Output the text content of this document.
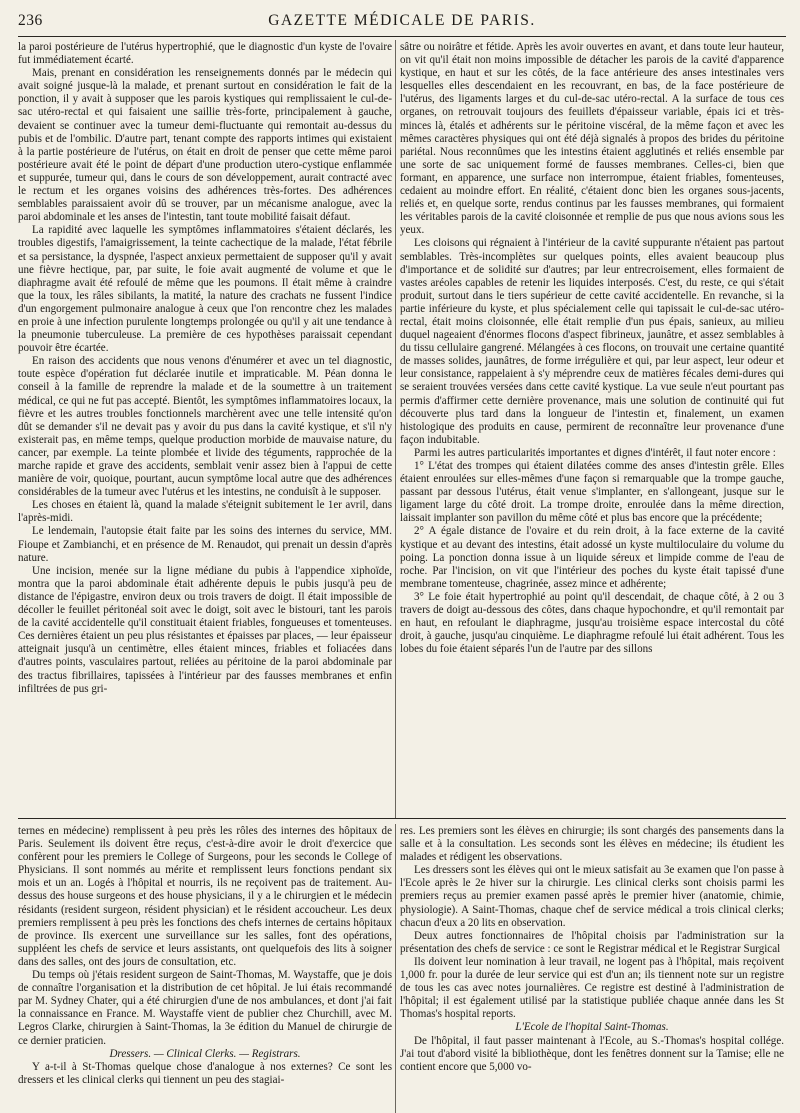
236	GAZETTE MÉDICALE DE PARIS.

la paroi postérieure de l'utérus hypertrophié, que le diagnostic d'un kyste de l'ovaire fut immédiatement écarté.

Mais, prenant en considération les renseignements donnés par le médecin qui avait soigné jusque-là la malade, et prenant surtout en considération le fait de la ponction, il y avait à supposer que les parois kystiques qui remplissaient le cul-de-sac utéro-rectal et qui faisaient une saillie très-forte, principalement à gauche, devaient se continuer avec la tumeur demi-fluctuante qui remontait au-dessus du pubis et de l'ombilic. D'autre part, tenant compte des rapports intimes qui existaient à la partie postérieure de l'utérus, on était en droit de penser que cette même paroi postérieure avait été le point de départ d'une production utero-cystique enflammée et suppurée, tumeur qui, dans le cours de son développement, aurait contracté avec le rectum et les organes voisins des adhérences très-fortes. Des adhérences semblables paraissaient avoir dû se trouver, par un mécanisme analogue, avec la paroi abdominale et les anses de l'intestin, tant toute mobilité faisait défaut.

La rapidité avec laquelle les symptômes inflammatoires s'étaient déclarés, les troubles digestifs, l'amaigrissement, la teinte cachectique de la malade, l'état fébrile et sa persistance, la dyspnée, l'aspect anxieux permettaient de supposer qu'il y avait une fièvre hectique, par, par suite, le foie avait augmenté de volume et que le diaphragme avait été refoulé de même que les poumons. Il était même à craindre que la toux, les râles sibilants, la matité, la nature des crachats ne fussent l'indice d'un engorgement pulmonaire analogue à ceux que l'on rencontre chez les malades en proie à une infection purulente longtemps prolongée ou qu'il y ait une tendance à la pneumonie tuberculeuse. La première de ces hypothèses paraissait cependant pouvoir être écartée.

En raison des accidents que nous venons d'énumérer et avec un tel diagnostic, toute espèce d'opération fut déclarée inutile et impraticable. M. Péan donna le conseil à la famille de reprendre la malade et de la soumettre à un traitement médical, ce qui ne fut pas accepté. Bientôt, les symptômes inflammatoires locaux, la fièvre et les autres troubles fonctionnels marchèrent avec une telle intensité qu'on dût se demander s'il ne devait pas y avoir du pus dans la cavité kystique, et s'il n'y existerait pas, en même temps, quelque production morbide de mauvaise nature, du cancer, par exemple. La teinte plombée et livide des téguments, rapprochée de la marche rapide et grave des accidents, semblait venir assez bien à l'appui de cette manière de voir, quoique, pourtant, aucun symptôme local autre que des adhérences considérables de la tumeur avec l'utérus et les intestins, ne conduisît à le supposer.

Les choses en étaient là, quand la malade s'éteignit subitement le 1er avril, dans l'après-midi.

Le lendemain, l'autopsie était faite par les soins des internes du service, MM. Fioupe et Zambianchi, et en présence de M. Renaudot, qui prenait un dessin d'après nature.

Une incision, menée sur la ligne médiane du pubis à l'appendice xiphoïde, montra que la paroi abdominale était adhérente depuis le pubis jusqu'à peu de distance de l'épigastre, environ deux ou trois travers de doigt. Il était impossible de décoller le feuillet péritonéal soit avec le doigt, soit avec le bistouri, tant les parois de la cavité accidentelle qu'il constituait étaient friables, fongueuses et tomenteuses. Ces dernières étaient un peu plus résistantes et épaisses par places, — leur épaisseur atteignait jusqu'à un centimètre, elles étaient minces, friables et foliacées dans d'autres points, vasculaires partout, reliées au péritoine de la paroi abdominale par des tractus fibrillaires, tapissées à l'intérieur par des fausses membranes et enfin infiltrées de pus gri-

sâtre ou noirâtre et fétide. Après les avoir ouvertes en avant, et dans toute leur hauteur, on vit qu'il était non moins impossible de détacher les parois de la cavité d'apparence kystique, en haut et sur les côtés, de la face antérieure des anses intestinales vers lesquelles elles descendaient en les recouvrant, en bas, de la face postérieure de l'utérus, des ligaments larges et du cul-de-sac utéro-rectal. A la surface de tous ces organes, on retrouvait toujours des feuillets d'épaisseur variable, épais ici et très-minces là, étalés et adhérents sur le péritoine viscéral, de la même façon et avec les mêmes caractères physiques qui ont été déjà signalés à propos des brides du péritoine pariétal. Nous reconnûmes que les intestins étaient agglutinés et reliés ensemble par une sorte de sac uniquement formé de fausses membranes. Celles-ci, bien que formant, en apparence, une surface non interrompue, étaient friables, fomenteuses, cedaient au moindre effort. En réalité, c'étaient donc bien les organes sous-jacents, reliés et, en quelque sorte, rendus continus par les fausses membranes, qui formaient les véritables parois de la cavité cloisonnée et remplie de pus que nous avions sous les yeux.

Les cloisons qui régnaient à l'intérieur de la cavité suppurante n'étaient pas partout semblables. Très-incomplètes sur quelques points, elles avaient beaucoup plus d'importance et de solidité sur d'autres; par leur entrecroisement, elles formaient de vastes aréoles capables de retenir les liquides interposés. C'est, du reste, ce qui s'était produit, surtout dans le tiers supérieur de cette cavité accidentelle. En revanche, si la partie inférieure du kyste, et plus spécialement celle qui tapissait le cul-de-sac utéro-rectal, était moins cloisonnée, elle était remplie d'un pus épais, sanieux, au milieu duquel nageaient d'énormes flocons d'aspect fibrineux, jaunâtre, et assez semblables à du tissu cellulaire gangrené. Mélangées à ces flocons, on trouvait une certaine quantité de masses solides, jaunâtres, de forme irrégulière et qui, par leur aspect, leur odeur et leur consistance, rappelaient à s'y méprendre ceux de matières fécales demi-dures qui se seraient trouvées versées dans cette cavité kystique. La vue seule n'eut pourtant pas permis d'affirmer cette dernière provenance, mais une solution de continuité qui fut découverte plus tard dans la longueur de l'intestin et, finalement, un examen histologique des produits en cause, permirent de reconnaître leur provenance d'une façon indubitable.

Parmi les autres particularités importantes et dignes d'intérêt, il faut noter encore :

1° L'état des trompes qui étaient dilatées comme des anses d'intestin grêle. Elles étaient enroulées sur elles-mêmes d'une façon si remarquable que la trompe gauche, passant par dessous l'utérus, était venue s'implanter, en s'allongeant, jusque sur le ligament large du côté droit. La trompe droite, enroulée dans la même direction, laissait implanter son pavillon du même côté et plus bas encore que la précédente;

2° A égale distance de l'ovaire et du rein droit, à la face externe de la cavité kystique et au devant des intestins, était adossé un kyste multiloculaire du volume du poing. La ponction donna issue à un liquide séreux et limpide comme de l'eau de roche. Par l'incision, on vit que l'intérieur des poches du kyste était tapissé d'une membrane tomenteuse, chagrinée, assez mince et adhérente;

3° Le foie était hypertrophié au point qu'il descendait, de chaque côté, à 2 ou 3 travers de doigt au-dessous des côtes, dans chaque hypochondre, et qu'il remontait par en haut, en refoulant le diaphragme, jusqu'au troisième espace intercostal du côté droit, à gauche, jusqu'au cinquième. Le diaphragme refoulé lui était adhérent. Tous les lobes du foie étaient séparés l'un de l'autre par des sillons

ternes en médecine) remplissent à peu près les rôles des internes des hôpitaux de Paris. Seulement ils doivent être reçus, c'est-à-dire avoir le droit d'exercice que confèrent pour les premiers le College of Surgeons, pour les seconds le College of Physicians. Il sont nommés au mérite et remplissent leurs fonctions pendant six mois et un an. Logés à l'hôpital et nourris, ils ne reçoivent pas de traitement. Au-dessus des house surgeons et des house physicians, il y a le chirurgien et le médecin résidants (resident surgeon, résident physician) et le résident accoucheur. Les deux premiers remplissent à peu près les fonctions des chefs internes de certains hôpitaux de province. Ils exercent une surveillance sur les salles, font des opérations, suppléent les chefs de service et leurs assistants, ont quelquefois des lits à soigner dans des salles, ont des jours de consultation, etc.

Du temps où j'étais resident surgeon de Saint-Thomas, M. Waystaffe, que je dois de connaître l'organisation et la distribution de cet hôpital. Je lui étais recommandé par M. Sydney Chater, qui a été chirurgien d'une de nos ambulances, et dont j'ai fait la connaissance en France. M. Waystaffe vient de publier chez Churchill, avec M. Legros Clarke, chirurgien à Saint-Thomas, la 3e édition du Manuel de chirurgie de ce dernier praticien.

Dressers. — Clinical Clerks. — Registrars.

Y a-t-il à St-Thomas quelque chose d'analogue à nos externes? Ce sont les dressers et les clinical clerks qui tiennent un peu des stagiai-

res. Les premiers sont les élèves en chirurgie; ils sont chargés des pansements dans la salle et à la consultation. Les seconds sont les élèves en médecine; ils étudient les malades et rédigent les observations.

Les dressers sont les élèves qui ont le mieux satisfait au 3e examen que l'on passe à l'Ecole après le 2e hiver sur la chirurgie. Les clinical clerks sont choisis parmi les premiers reçus au premier examen passé après le premier hiver (anatomie, chimie, physiologie). A Saint-Thomas, chaque chef de service médical a trois clinical clerks; chacun d'eux a 20 lits en observation.

Deux autres fonctionnaires de l'hôpital choisis par l'administration sur la présentation des chefs de service : ce sont le Registrar médical et le Registrar Surgical

Ils doivent leur nomination à leur travail, ne logent pas à l'hôpital, mais reçoivent 1,000 fr. pour la durée de leur service qui est d'un an; ils tiennent note sur un registre de tous les cas avec notes journalières. Ce registre est destiné à l'administration de l'hôpital; il est également utilisé par la statistique publiée chaque année dans les St Thomas's hospital reports.

L'Ecole de l'hopital Saint-Thomas.

De l'hôpital, il faut passer maintenant à l'Ecole, au S.-Thomas's hospital collége. J'ai tout d'abord visité la bibliothèque, dont les fenêtres donnent sur la Tamise; elle ne contient encore que 5,000 vo-
